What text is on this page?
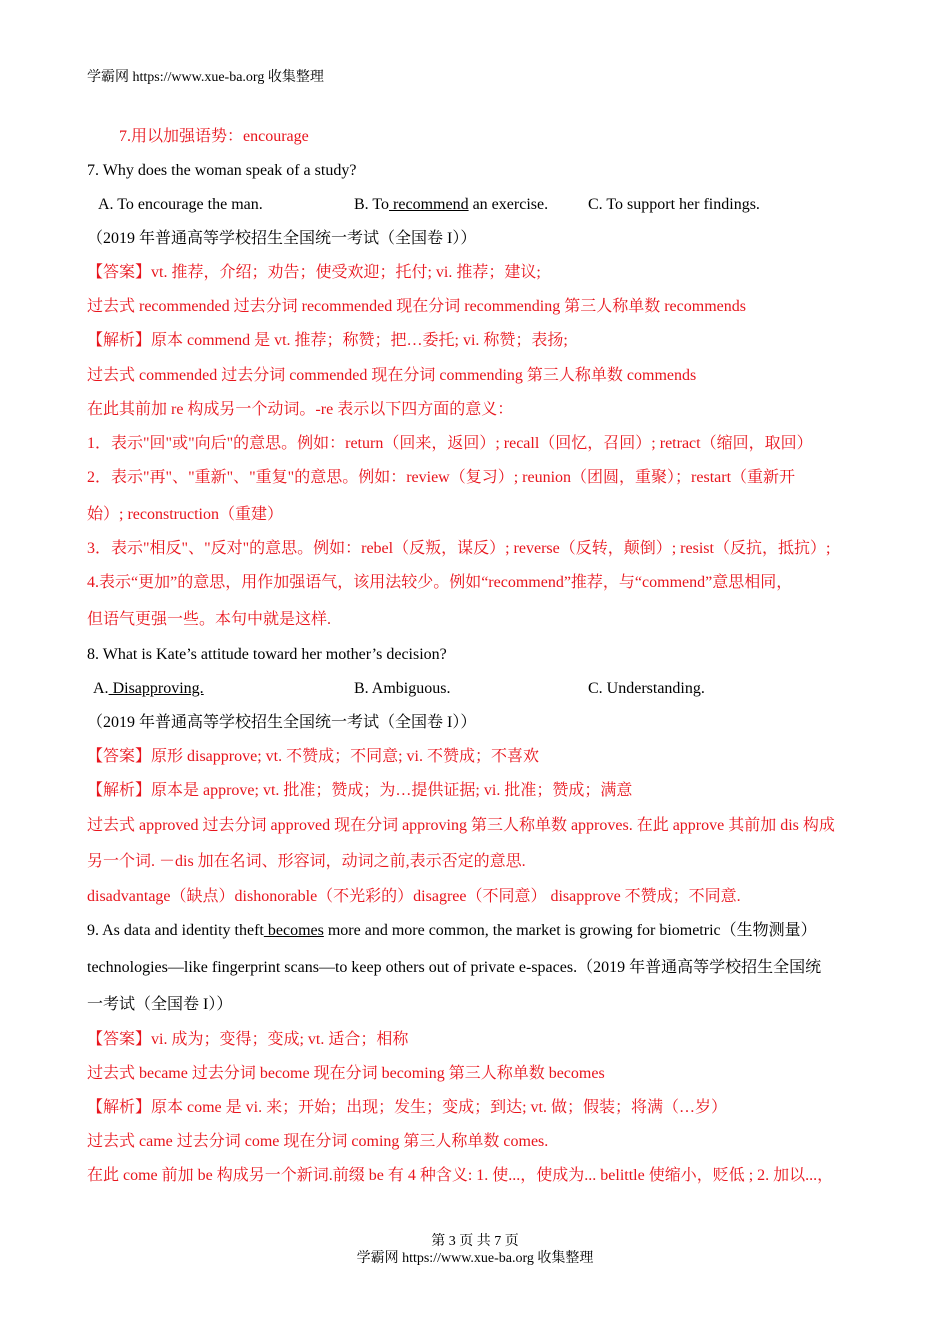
学霸网 https://www.xue-ba.org 收集整理
7.用以加强语势：encourage
7. Why does the woman speak of a study?
A. To encourage the man.	B. To recommend an exercise. C. To support her findings.
（2019 年普通高等学校招生全国统一考试（全国卷 I））
【答案】vt. 推荐，介绍；劝告；使受欢迎；托付; vi. 推荐；建议;
过去式 recommended 过去分词 recommended 现在分词 recommending 第三人称单数 recommends
【解析】原本 commend 是 vt. 推荐；称赞；把…委托; vi. 称赞；表扬;
过去式 commended 过去分词 commended 现在分词 commending 第三人称单数 commends
在此其前加 re 构成另一个动词。-re 表示以下四方面的意义：
1．表示"回"或"向后"的意思。例如：return（回来，返回）; recall（回忆，召回）; retract（缩回，取回）
2．表示"再"、"重新"、"重复"的意思。例如：review（复习）; reunion（团圆，重聚）；restart（重新开
始）; reconstruction（重建）
3．表示"相反"、"反对"的意思。例如：rebel（反叛，谋反）; reverse（反转，颠倒）; resist（反抗，抵抗）;
4.表示“更加”的意思，用作加强语气，该用法较少。例如“recommend”推荐，与“commend”意思相同，
但语气更强一些。本句中就是这样.
8. What is Kate’s attitude toward her mother’s decision?
A. Disapproving.	B. Ambiguous.	C. Understanding.
（2019 年普通高等学校招生全国统一考试（全国卷 I））
【答案】原形 disapprove; vt. 不赞成；不同意; vi. 不赞成；不喜欢
【解析】原本是 approve; vt. 批准；赞成；为…提供证据; vi. 批准；赞成；满意
过去式 approved 过去分词 approved 现在分词 approving 第三人称单数 approves. 在此 approve 其前加 dis 构成
另一个词. －dis 加在名词、形容词，动词之前,表示否定的意思.
disadvantage（缺点）dishonorable（不光彩的）disagree（不同意） disapprove 不赞成；不同意.
9. As data and identity theft becomes more and more common, the market is growing for biometric（生物测量）
technologies—like fingerprint scans—to keep others out of private e-spaces.（2019 年普通高等学校招生全国统
一考试（全国卷 I））
【答案】vi. 成为；变得；变成; vt. 适合；相称
过去式 became 过去分词 become 现在分词 becoming 第三人称单数 becomes
【解析】原本 come 是 vi. 来；开始；出现；发生；变成；到达; vt. 做；假装；将满（…岁）
过去式 came 过去分词 come 现在分词 coming 第三人称单数 comes.
在此 come 前加 be 构成另一个新词.前缀 be 有 4 种含义: 1. 使...，使成为... belittle 使缩小，贬低 ; 2. 加以...，
第 3 页 共 7 页
学霸网 https://www.xue-ba.org 收集整理
